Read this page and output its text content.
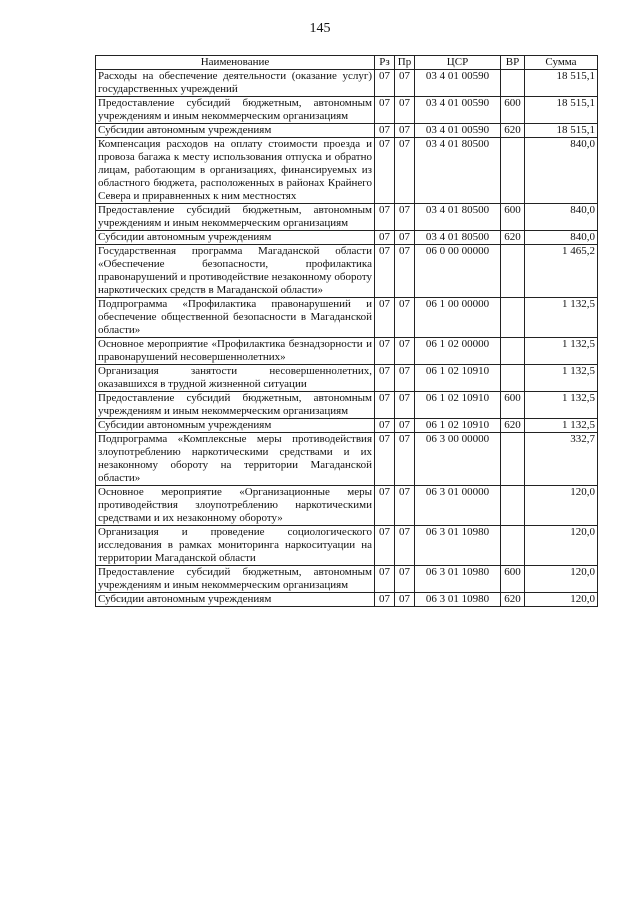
145
Наименование	Рз	Пр	ЦСР	ВР	Сумма
Расходы на обеспечение деятельности (оказание услуг) государственных учреждений	07	07	03 4 01 00590		18 515,1
Предоставление субсидий бюджетным, автономным учреждениям и иным некоммерческим организациям	07	07	03 4 01 00590	600	18 515,1
Субсидии автономным учреждениям	07	07	03 4 01 00590	620	18 515,1
Компенсация расходов на оплату стоимости проезда и провоза багажа к месту использования отпуска и обратно лицам, работающим в организациях, финансируемых из областного бюджета, расположенных в районах Крайнего Севера и приравненных к ним местностях	07	07	03 4 01 80500		840,0
Предоставление субсидий бюджетным, автономным учреждениям и иным некоммерческим организациям	07	07	03 4 01 80500	600	840,0
Субсидии автономным учреждениям	07	07	03 4 01 80500	620	840,0
Государственная программа Магаданской области «Обеспечение безопасности, профилактика правонарушений и противодействие незаконному обороту наркотических средств в Магаданской области»	07	07	06 0 00 00000		1 465,2
Подпрограмма «Профилактика правонарушений и обеспечение общественной безопасности в Магаданской области»	07	07	06 1 00 00000		1 132,5
Основное мероприятие «Профилактика безнадзорности и правонарушений несовершеннолетних»	07	07	06 1 02 00000		1 132,5
Организация занятости несовершеннолетних, оказавшихся в трудной жизненной ситуации	07	07	06 1 02 10910		1 132,5
Предоставление субсидий бюджетным, автономным учреждениям и иным некоммерческим организациям	07	07	06 1 02 10910	600	1 132,5
Субсидии автономным учреждениям	07	07	06 1 02 10910	620	1 132,5
Подпрограмма «Комплексные меры противодействия злоупотреблению наркотическими средствами и их незаконному обороту на территории Магаданской области»	07	07	06 3 00 00000		332,7
Основное мероприятие «Организационные меры противодействия злоупотреблению наркотическими средствами и их незаконному обороту»	07	07	06 3 01 00000		120,0
Организация и проведение социологического исследования в рамках мониторинга наркоситуации на территории Магаданской области	07	07	06 3 01 10980		120,0
Предоставление субсидий бюджетным, автономным учреждениям и иным некоммерческим организациям	07	07	06 3 01 10980	600	120,0
Субсидии автономным учреждениям	07	07	06 3 01 10980	620	120,0
